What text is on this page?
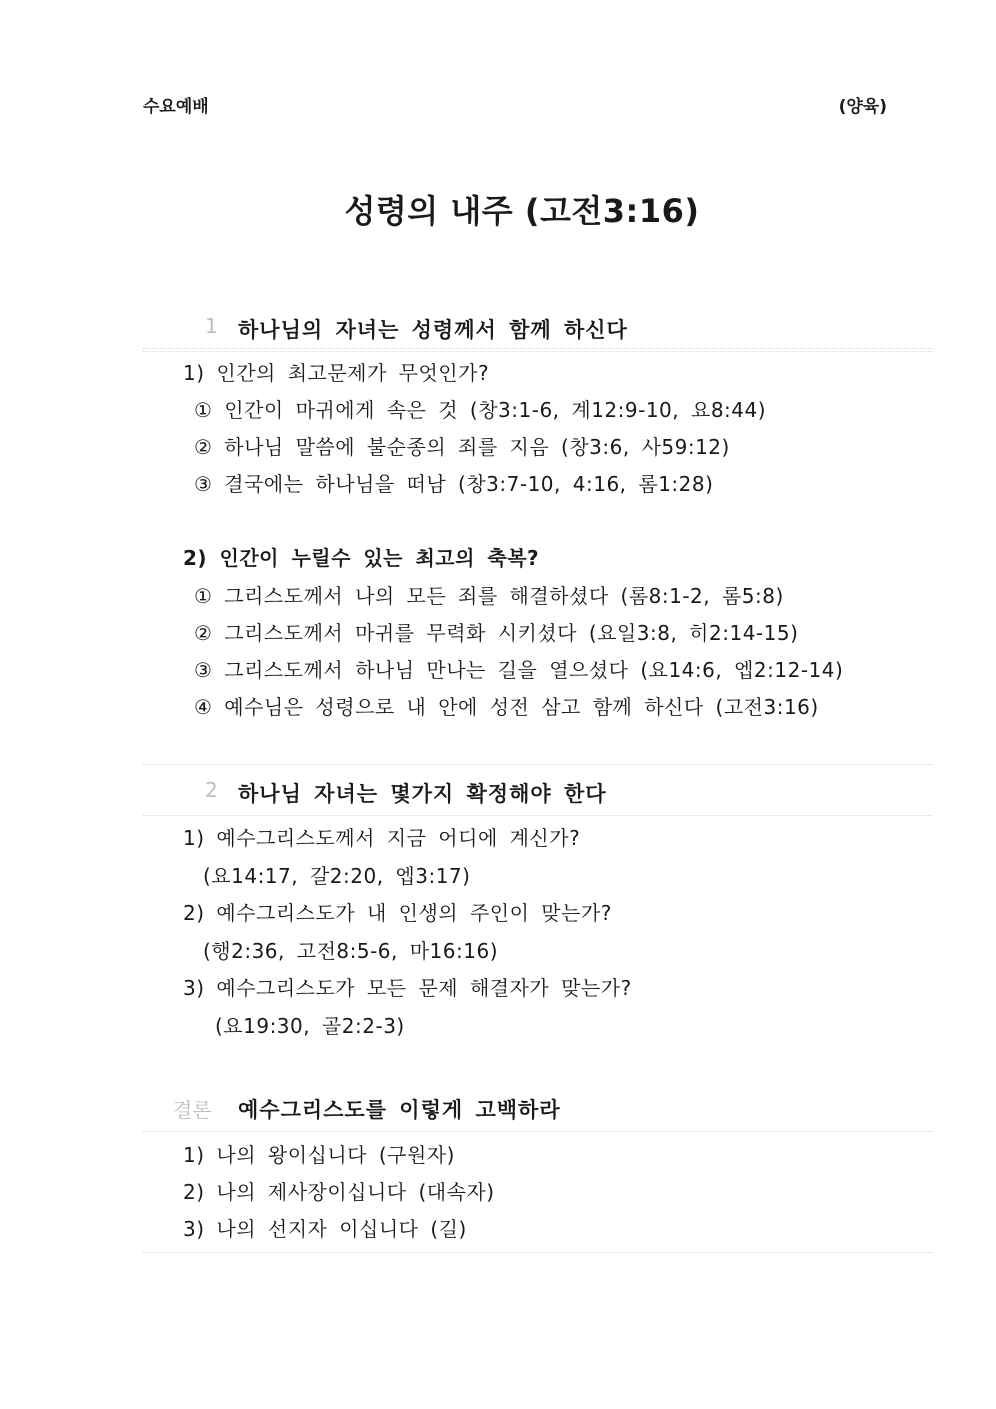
수요예배	(양육)
성령의 내주 (고전3:16)
1 하나님의 자녀는 성령께서 함께 하신다
1) 인간의 최고문제가 무엇인가?
① 인간이 마귀에게 속은 것 (창3:1-6, 계12:9-10, 요8:44)
② 하나님 말씀에 불순종의 죄를 지음 (창3:6, 사59:12)
③ 결국에는 하나님을 떠남 (창3:7-10, 4:16, 롬1:28)
2) 인간이 누릴수 있는 최고의 축복?
① 그리스도께서 나의 모든 죄를 해결하셨다 (롬8:1-2, 롬5:8)
② 그리스도께서 마귀를 무력화 시키셨다 (요일3:8, 히2:14-15)
③ 그리스도께서 하나님 만나는 길을 열으셨다 (요14:6, 엡2:12-14)
④ 예수님은 성령으로 내 안에 성전 삼고 함께 하신다 (고전3:16)
2 하나님 자녀는 몇가지 확정해야 한다
1) 예수그리스도께서 지금 어디에 계신가?
(요14:17, 갈2:20, 엡3:17)
2) 예수그리스도가 내 인생의 주인이 맞는가?
(행2:36, 고전8:5-6, 마16:16)
3) 예수그리스도가 모든 문제 해결자가 맞는가?
(요19:30, 골2:2-3)
결론 예수그리스도를 이렇게 고백하라
1) 나의 왕이십니다 (구원자)
2) 나의 제사장이십니다 (대속자)
3) 나의 선지자 이십니다 (길)
